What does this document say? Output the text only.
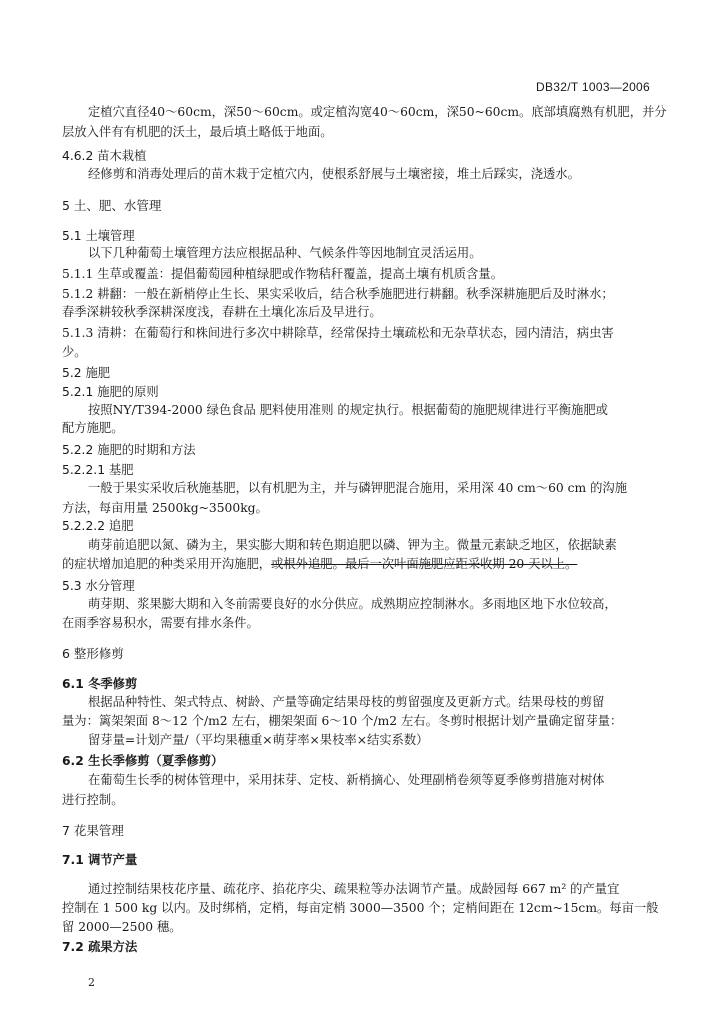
DB32/T 1003—2006
定植穴直径40～60cm，深50～60cm。或定植沟宽40～60cm，深50~60cm。底部填腐熟有机肥，并分
层放入伴有有机肥的沃土，最后填土略低于地面。
4.6.2 苗木栽植
经修剪和消毒处理后的苗木栽于定植穴内，使根系舒展与土壤密接，堆土后踩实，浇透水。
5 土、肥、水管理
5.1 土壤管理
以下几种葡萄土壤管理方法应根据品种、气候条件等因地制宜灵活运用。
5.1.1 生草或覆盖：提倡葡萄园种植绿肥或作物秸秆覆盖，提高土壤有机质含量。
5.1.2 耕翻：一般在新梢停止生长、果实采收后，结合秋季施肥进行耕翻。秋季深耕施肥后及时淋水；
春季深耕较秋季深耕深度浅，春耕在土壤化冻后及早进行。
5.1.3 清耕：在葡萄行和株间进行多次中耕除草，经常保持土壤疏松和无杂草状态，园内清洁，病虫害
少。
5.2 施肥
5.2.1 施肥的原则
按照NY/T394-2000 绿色食品 肥料使用准则 的规定执行。根据葡萄的施肥规律进行平衡施肥或
配方施肥。
5.2.2 施肥的时期和方法
5.2.2.1 基肥
一般于果实采收后秋施基肥，以有机肥为主，并与磷钾肥混合施用，采用深 40 cm～60 cm 的沟施
方法，每亩用量 2500kg~3500kg。
5.2.2.2 追肥
萌芽前追肥以氮、磷为主，果实膨大期和转色期追肥以磷、钾为主。微量元素缺乏地区，依据缺素
的症状增加追肥的种类采用开沟施肥，或根外追肥。最后一次叶面施肥应距采收期 20 天以上。
5.3 水分管理
萌芽期、浆果膨大期和入冬前需要良好的水分供应。成熟期应控制淋水。多雨地区地下水位较高，
在雨季容易积水，需要有排水条件。
6 整形修剪
6.1 冬季修剪
根据品种特性、架式特点、树龄、产量等确定结果母枝的剪留强度及更新方式。结果母枝的剪留
量为：篱架架面 8～12 个/m2 左右，棚架架面 6～10 个/m2 左右。冬剪时根据计划产量确定留芽量：
留芽量=计划产量/（平均果穗重×萌芽率×果枝率×结实系数）
6.2 生长季修剪（夏季修剪）
在葡萄生长季的树体管理中，采用抹芽、定枝、新梢摘心、处理副梢卷须等夏季修剪措施对树体
进行控制。
7 花果管理
7.1 调节产量
通过控制结果枝花序量、疏花序、掐花序尖、疏果粒等办法调节产量。成龄园每 667 m² 的产量宜
控制在 1 500 kg 以内。及时绑梢，定梢，每亩定梢 3000—3500 个；定梢间距在 12cm~15cm。每亩一般
留 2000—2500 穗。
7.2 疏果方法
2
